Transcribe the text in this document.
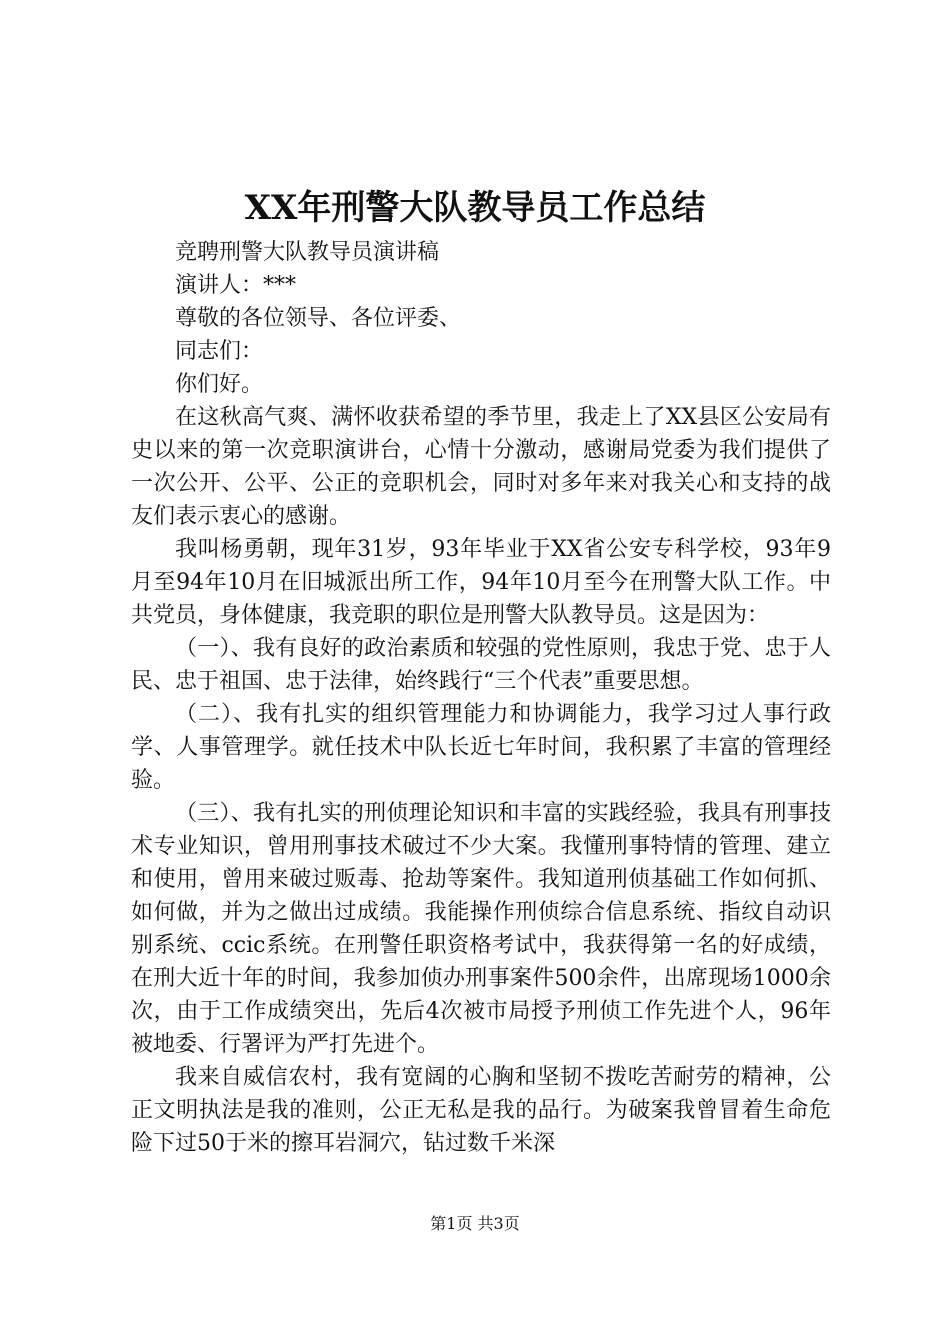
XX年刑警大队教导员工作总结

竞聘刑警大队教导员演讲稿

演讲人：***

尊敬的各位领导、各位评委、

同志们：

你们好。

在这秋高气爽、满怀收获希望的季节里，我走上了XX县区公安局有史以来的第一次竞职演讲台，心情十分激动，感谢局党委为我们提供了一次公开、公平、公正的竞职机会，同时对多年来对我关心和支持的战友们表示衷心的感谢。

我叫杨勇朝，现年31岁，93年毕业于XX省公安专科学校，93年9月至94年10月在旧城派出所工作，94年10月至今在刑警大队工作。中共党员，身体健康，我竞职的职位是刑警大队教导员。这是因为：

（一）、我有良好的政治素质和较强的党性原则，我忠于党、忠于人民、忠于祖国、忠于法律，始终践行“三个代表”重要思想。

（二）、我有扎实的组织管理能力和协调能力，我学习过人事行政学、人事管理学。就任技术中队长近七年时间，我积累了丰富的管理经验。

（三）、我有扎实的刑侦理论知识和丰富的实践经验，我具有刑事技术专业知识，曾用刑事技术破过不少大案。我懂刑事特情的管理、建立和使用，曾用来破过贩毒、抢劫等案件。我知道刑侦基础工作如何抓、如何做，并为之做出过成绩。我能操作刑侦综合信息系统、指纹自动识别系统、ccic系统。在刑警任职资格考试中，我获得第一名的好成绩，在刑大近十年的时间，我参加侦办刑事案件500余件，出席现场1000余次，由于工作成绩突出，先后4次被市局授予刑侦工作先进个人，96年被地委、行署评为严打先进个。

我来自威信农村，我有宽阔的心胸和坚韧不拨吃苦耐劳的精神，公正文明执法是我的准则，公正无私是我的品行。为破案我曾冒着生命危险下过50于米的擦耳岩洞穴，钻过数千米深

第1页 共3页
